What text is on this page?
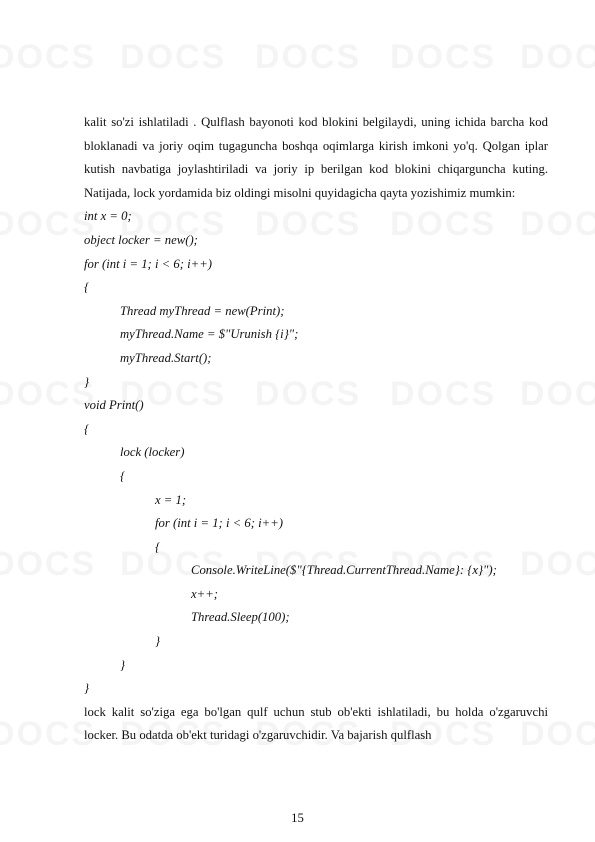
kalit so'zi ishlatiladi . Qulflash bayonoti kod blokini belgilaydi, uning ichida barcha kod bloklanadi va joriy oqim tugaguncha boshqa oqimlarga kirish imkoni yo'q. Qolgan iplar kutish navbatiga joylashtiriladi va joriy ip berilgan kod blokini chiqarguncha kuting. Natijada, lock yordamida biz oldingi misolni quyidagicha qayta yozishimiz mumkin:

int x = 0;

object locker = new();

for (int i = 1; i < 6; i++)

{

Thread myThread = new(Print);

myThread.Name = $"Urunish {i}";

myThread.Start();

}

void Print()

{

lock (locker)

{

x = 1;

for (int i = 1; i < 6; i++)

{

Console.WriteLine($"{Thread.CurrentThread.Name}: {x}");

x++;

Thread.Sleep(100);

}

}

}

lock kalit so'ziga ega bo'lgan qulf uchun stub ob'ekti ishlatiladi, bu holda o'zgaruvchi locker. Bu odatda ob'ekt turidagi o'zgaruvchidir. Va bajarish qulflash

15
